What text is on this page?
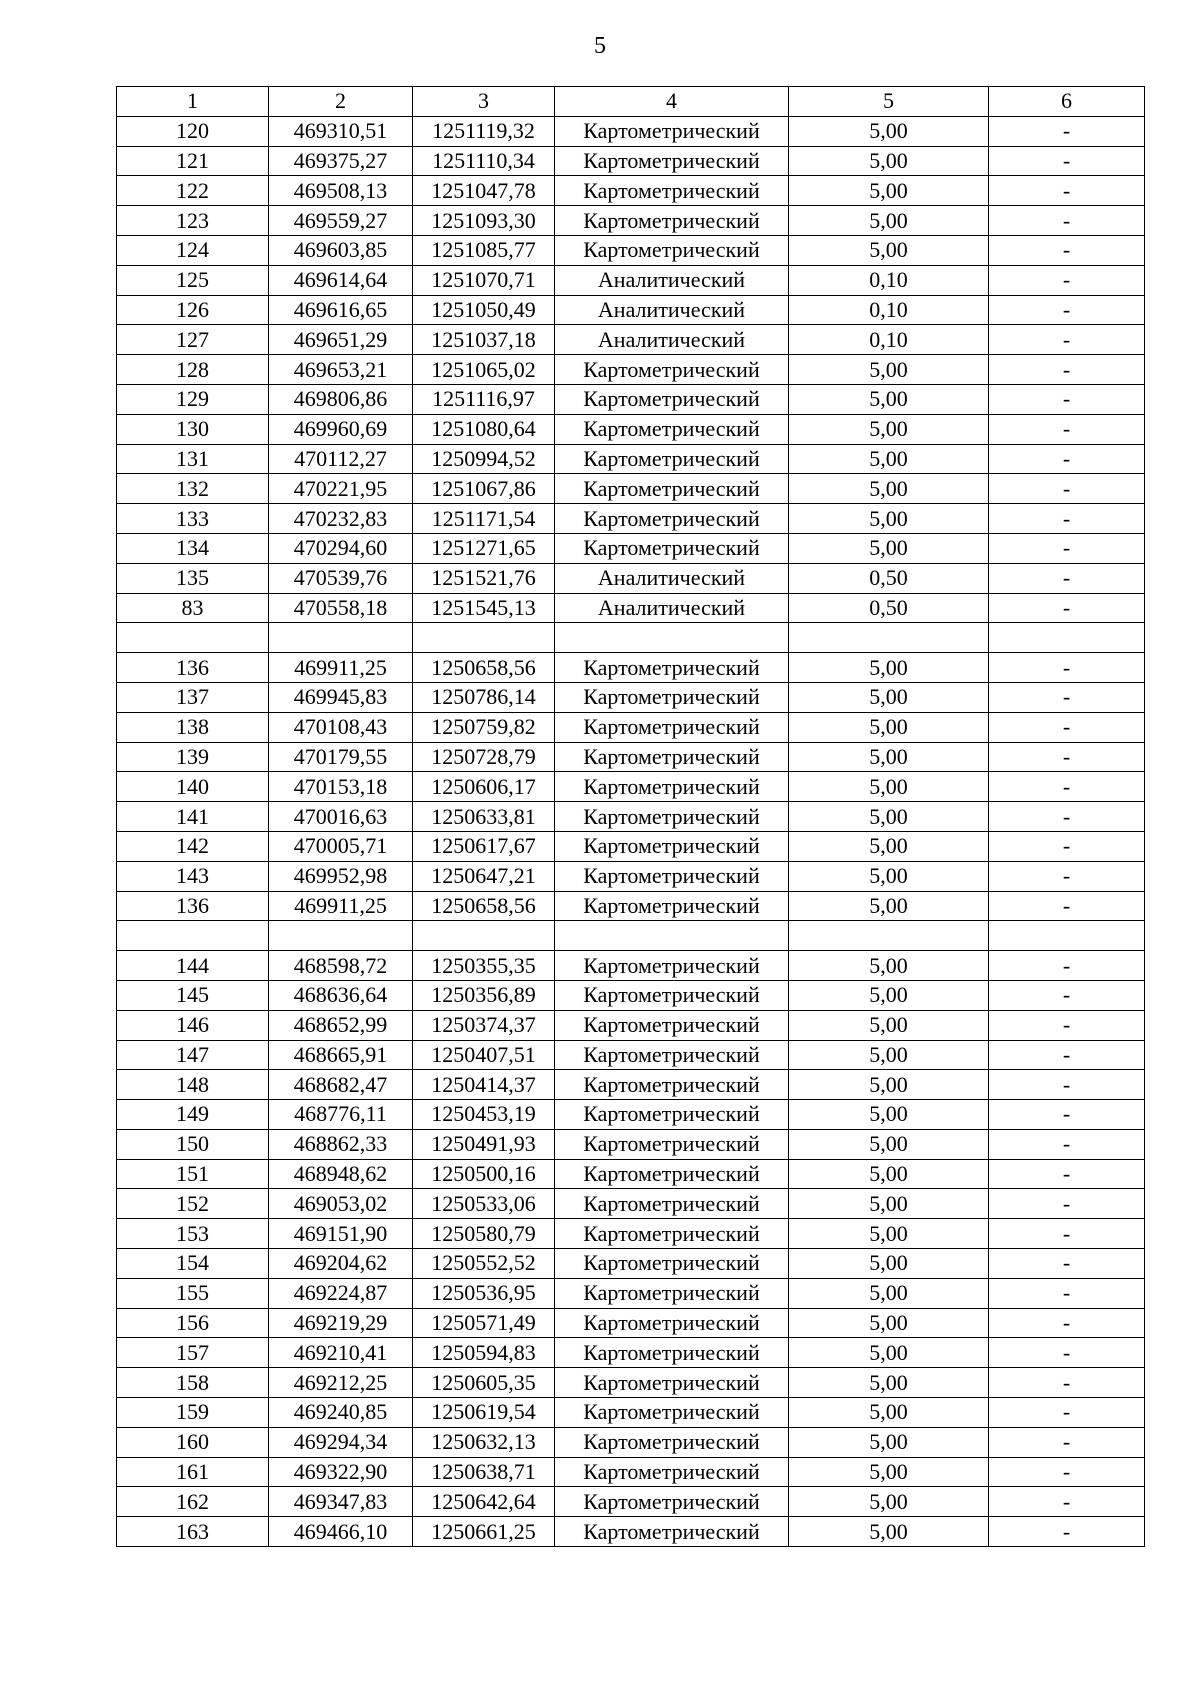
5
1	2	3	4	5	6
120	469310,51	1251119,32	Картометрический	5,00	-
121	469375,27	1251110,34	Картометрический	5,00	-
122	469508,13	1251047,78	Картометрический	5,00	-
123	469559,27	1251093,30	Картометрический	5,00	-
124	469603,85	1251085,77	Картометрический	5,00	-
125	469614,64	1251070,71	Аналитический	0,10	-
126	469616,65	1251050,49	Аналитический	0,10	-
127	469651,29	1251037,18	Аналитический	0,10	-
128	469653,21	1251065,02	Картометрический	5,00	-
129	469806,86	1251116,97	Картометрический	5,00	-
130	469960,69	1251080,64	Картометрический	5,00	-
131	470112,27	1250994,52	Картометрический	5,00	-
132	470221,95	1251067,86	Картометрический	5,00	-
133	470232,83	1251171,54	Картометрический	5,00	-
134	470294,60	1251271,65	Картометрический	5,00	-
135	470539,76	1251521,76	Аналитический	0,50	-
83	470558,18	1251545,13	Аналитический	0,50	-

136	469911,25	1250658,56	Картометрический	5,00	-
137	469945,83	1250786,14	Картометрический	5,00	-
138	470108,43	1250759,82	Картометрический	5,00	-
139	470179,55	1250728,79	Картометрический	5,00	-
140	470153,18	1250606,17	Картометрический	5,00	-
141	470016,63	1250633,81	Картометрический	5,00	-
142	470005,71	1250617,67	Картометрический	5,00	-
143	469952,98	1250647,21	Картометрический	5,00	-
136	469911,25	1250658,56	Картометрический	5,00	-

144	468598,72	1250355,35	Картометрический	5,00	-
145	468636,64	1250356,89	Картометрический	5,00	-
146	468652,99	1250374,37	Картометрический	5,00	-
147	468665,91	1250407,51	Картометрический	5,00	-
148	468682,47	1250414,37	Картометрический	5,00	-
149	468776,11	1250453,19	Картометрический	5,00	-
150	468862,33	1250491,93	Картометрический	5,00	-
151	468948,62	1250500,16	Картометрический	5,00	-
152	469053,02	1250533,06	Картометрический	5,00	-
153	469151,90	1250580,79	Картометрический	5,00	-
154	469204,62	1250552,52	Картометрический	5,00	-
155	469224,87	1250536,95	Картометрический	5,00	-
156	469219,29	1250571,49	Картометрический	5,00	-
157	469210,41	1250594,83	Картометрический	5,00	-
158	469212,25	1250605,35	Картометрический	5,00	-
159	469240,85	1250619,54	Картометрический	5,00	-
160	469294,34	1250632,13	Картометрический	5,00	-
161	469322,90	1250638,71	Картометрический	5,00	-
162	469347,83	1250642,64	Картометрический	5,00	-
163	469466,10	1250661,25	Картометрический	5,00	-
